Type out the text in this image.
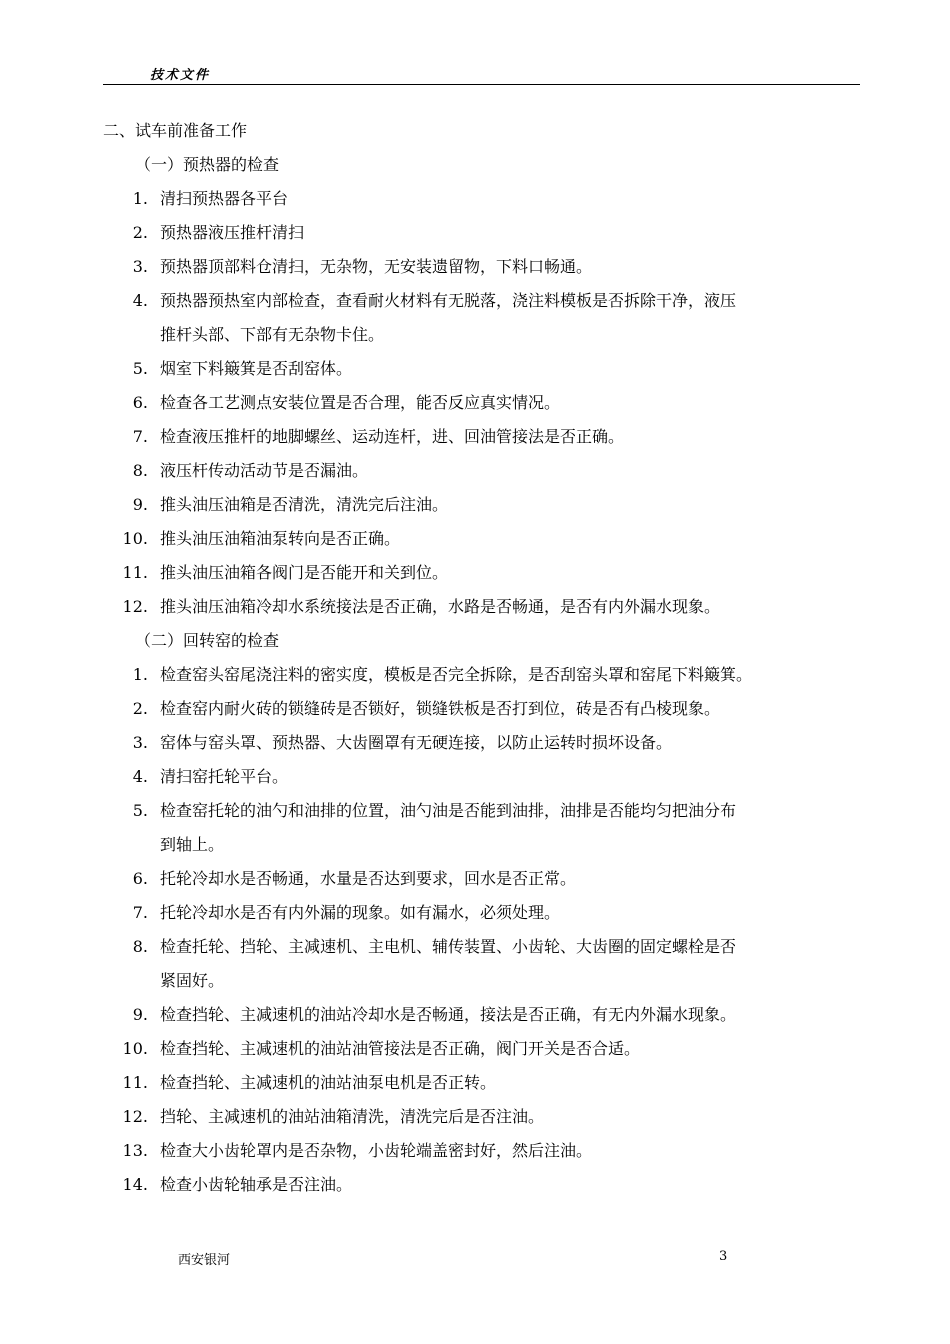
技术文件
二、试车前准备工作
（一）预热器的检查
1. 清扫预热器各平台
2. 预热器液压推杆清扫
3. 预热器顶部料仓清扫，无杂物，无安装遗留物，下料口畅通。
4. 预热器预热室内部检查，查看耐火材料有无脱落，浇注料模板是否拆除干净，液压
推杆头部、下部有无杂物卡住。
5. 烟室下料簸箕是否刮窑体。
6. 检查各工艺测点安装位置是否合理，能否反应真实情况。
7. 检查液压推杆的地脚螺丝、运动连杆，进、回油管接法是否正确。
8. 液压杆传动活动节是否漏油。
9. 推头油压油箱是否清洗，清洗完后注油。
10. 推头油压油箱油泵转向是否正确。
11. 推头油压油箱各阀门是否能开和关到位。
12. 推头油压油箱冷却水系统接法是否正确，水路是否畅通，是否有内外漏水现象。
（二）回转窑的检查
1. 检查窑头窑尾浇注料的密实度，模板是否完全拆除，是否刮窑头罩和窑尾下料簸箕。
2. 检查窑内耐火砖的锁缝砖是否锁好，锁缝铁板是否打到位，砖是否有凸棱现象。
3. 窑体与窑头罩、预热器、大齿圈罩有无硬连接，以防止运转时损坏设备。
4. 清扫窑托轮平台。
5. 检查窑托轮的油勺和油排的位置，油勺油是否能到油排，油排是否能均匀把油分布
到轴上。
6. 托轮冷却水是否畅通，水量是否达到要求，回水是否正常。
7. 托轮冷却水是否有内外漏的现象。如有漏水，必须处理。
8. 检查托轮、挡轮、主减速机、主电机、辅传装置、小齿轮、大齿圈的固定螺栓是否
紧固好。
9. 检查挡轮、主减速机的油站冷却水是否畅通，接法是否正确，有无内外漏水现象。
10. 检查挡轮、主减速机的油站油管接法是否正确，阀门开关是否合适。
11. 检查挡轮、主减速机的油站油泵电机是否正转。
12. 挡轮、主减速机的油站油箱清洗，清洗完后是否注油。
13. 检查大小齿轮罩内是否杂物，小齿轮端盖密封好，然后注油。
14. 检查小齿轮轴承是否注油。
西安银河	3
